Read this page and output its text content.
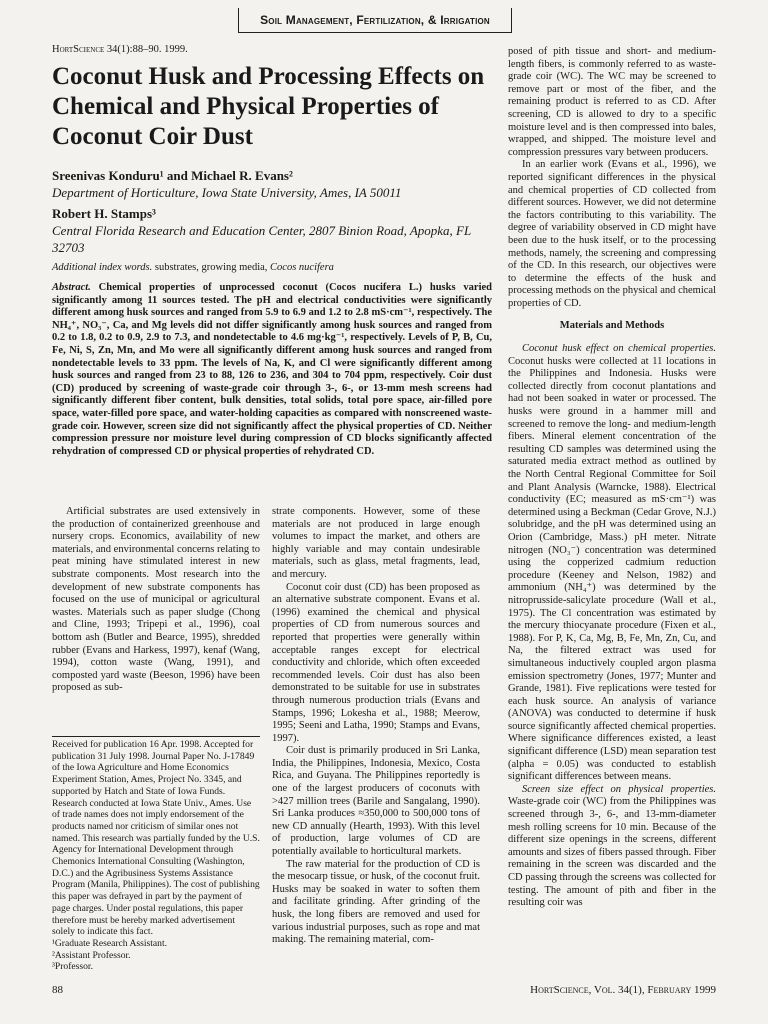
Soil Management, Fertilization, & Irrigation
HortScience 34(1):88–90. 1999.
Coconut Husk and Processing Effects on Chemical and Physical Properties of Coconut Coir Dust
Sreenivas Konduru¹ and Michael R. Evans²
Department of Horticulture, Iowa State University, Ames, IA 50011
Robert H. Stamps³
Central Florida Research and Education Center, 2807 Binion Road, Apopka, FL 32703
Additional index words. substrates, growing media, Cocos nucifera

Abstract. Chemical properties of unprocessed coconut (Cocos nucifera L.) husks varied significantly among 11 sources tested. The pH and electrical conductivities were significantly different among husk sources and ranged from 5.9 to 6.9 and 1.2 to 2.8 mS·cm⁻¹, respectively. The NH₄⁺, NO₃⁻, Ca, and Mg levels did not differ significantly among husk sources and ranged from 0.2 to 1.8, 0.2 to 0.9, 2.9 to 7.3, and nondetectable to 4.6 mg·kg⁻¹, respectively. Levels of P, B, Cu, Fe, Ni, S, Zn, Mn, and Mo were all significantly different among husk sources and ranged from nondetectable levels to 33 ppm. The levels of Na, K, and Cl were significantly different among husk sources and ranged from 23 to 88, 126 to 236, and 304 to 704 ppm, respectively. Coir dust (CD) produced by screening of waste-grade coir through 3-, 6-, or 13-mm mesh screens had significantly different fiber content, bulk densities, total solids, total pore space, air-filled pore space, water-filled pore space, and water-holding capacities as compared with nonscreened waste-grade coir. However, screen size did not significantly affect the physical properties of CD. Neither compression pressure nor moisture level during compression of CD blocks significantly affected rehydration of compressed CD or physical properties of rehydrated CD.

Artificial substrates are used extensively in the production of containerized greenhouse and nursery crops. Economics, availability of new materials, and environmental concerns relating to peat mining have stimulated interest in new substrate components. Most research into the development of new substrate components has focused on the use of municipal or agricultural wastes. Materials such as paper sludge (Chong and Cline, 1993; Tripepi et al., 1996), coal bottom ash (Butler and Bearce, 1995), shredded rubber (Evans and Harkess, 1997), kenaf (Wang, 1994), cotton waste (Wang, 1991), and composted yard waste (Beeson, 1996) have been proposed as sub-

Received for publication 16 Apr. 1998. Accepted for publication 31 July 1998. Journal Paper No. J-17849 of the Iowa Agriculture and Home Economics Experiment Station, Ames, Project No. 3345, and supported by Hatch and State of Iowa Funds. Research conducted at Iowa State Univ., Ames. Use of trade names does not imply endorsement of the products named nor criticism of similar ones not named. This research was partially funded by the U.S. Agency for International Development through Chemonics International Consulting (Washington, D.C.) and the Agribusiness Systems Assistance Program (Manila, Philippines). The cost of publishing this paper was defrayed in part by the payment of page charges. Under postal regulations, this paper therefore must be hereby marked advertisement solely to indicate this fact.

¹Graduate Research Assistant.

²Assistant Professor.

³Professor.

strate components. However, some of these materials are not produced in large enough volumes to impact the market, and others are highly variable and may contain undesirable materials, such as glass, metal fragments, lead, and mercury.

Coconut coir dust (CD) has been proposed as an alternative substrate component. Evans et al. (1996) examined the chemical and physical properties of CD from numerous sources and reported that properties were generally within acceptable ranges except for electrical conductivity and chloride, which often exceeded recommended levels. Coir dust has also been demonstrated to be suitable for use in substrates through numerous production trials (Evans and Stamps, 1996; Lokesha et al., 1988; Meerow, 1995; Seeni and Latha, 1990; Stamps and Evans, 1997).

Coir dust is primarily produced in Sri Lanka, India, the Philippines, Indonesia, Mexico, Costa Rica, and Guyana. The Philippines reportedly is one of the largest producers of coconuts with >427 million trees (Barile and Sangalang, 1990). Sri Lanka produces ≈350,000 to 500,000 tons of new CD annually (Hearth, 1993). With this level of production, large volumes of CD are potentially available to horticultural markets.

The raw material for the production of CD is the mesocarp tissue, or husk, of the coconut fruit. Husks may be soaked in water to soften them and facilitate grinding. After grinding of the husk, the long fibers are removed and used for various industrial purposes, such as rope and mat making. The remaining material, com-

posed of pith tissue and short- and medium-length fibers, is commonly referred to as waste-grade coir (WC). The WC may be screened to remove part or most of the fiber, and the remaining product is referred to as CD. After screening, CD is allowed to dry to a specific moisture level and is then compressed into bales, wrapped, and shipped. The moisture level and compression pressures vary between producers.

In an earlier work (Evans et al., 1996), we reported significant differences in the physical and chemical properties of CD collected from different sources. However, we did not determine the factors contributing to this variability. The degree of variability observed in CD might have been due to the husk itself, or to the processing methods, namely, the screening and compressing of the CD. In this research, our objectives were to determine the effects of the husk and processing methods on the physical and chemical properties of CD.

Materials and Methods

Coconut husk effect on chemical properties. Coconut husks were collected at 11 locations in the Philippines and Indonesia. Husks were collected directly from coconut plantations and had not been soaked in water or processed. The husks were ground in a hammer mill and screened to remove the long- and medium-length fibers. Mineral element concentration of the resulting CD samples was determined using the saturated media extract method as outlined by the North Central Regional Committee for Soil and Plant Analysis (Warncke, 1988). Electrical conductivity (EC; measured as mS·cm⁻¹) was determined using a Beckman (Cedar Grove, N.J.) solubridge, and the pH was determined using an Orion (Cambridge, Mass.) pH meter. Nitrate nitrogen (NO₃⁻) concentration was determined using the copperized cadmium reduction procedure (Keeney and Nelson, 1982) and ammonium (NH₄⁺) was determined by the nitroprusside-salicylate procedure (Wall et al., 1975). The Cl concentration was estimated by the mercury thiocyanate procedure (Fixen et al., 1988). For P, K, Ca, Mg, B, Fe, Mn, Zn, Cu, and Na, the filtered extract was used for simultaneous inductively coupled argon plasma emission spectrometry (Jones, 1977; Munter and Grande, 1981). Five replications were tested for each husk source. An analysis of variance (ANOVA) was conducted to determine if husk source significantly affected chemical properties. Where significance differences existed, a least significant difference (LSD) mean separation test (alpha = 0.05) was conducted to establish significant differences between means.

Screen size effect on physical properties. Waste-grade coir (WC) from the Philippines was screened through 3-, 6-, and 13-mm-diameter mesh rolling screens for 10 min. Because of the different size openings in the screens, different amounts and sizes of fibers passed through. Fiber remaining in the screen was discarded and the CD passing through the screens was collected for testing. The amount of pith and fiber in the resulting coir was

88	HortScience, Vol. 34(1), February 1999
